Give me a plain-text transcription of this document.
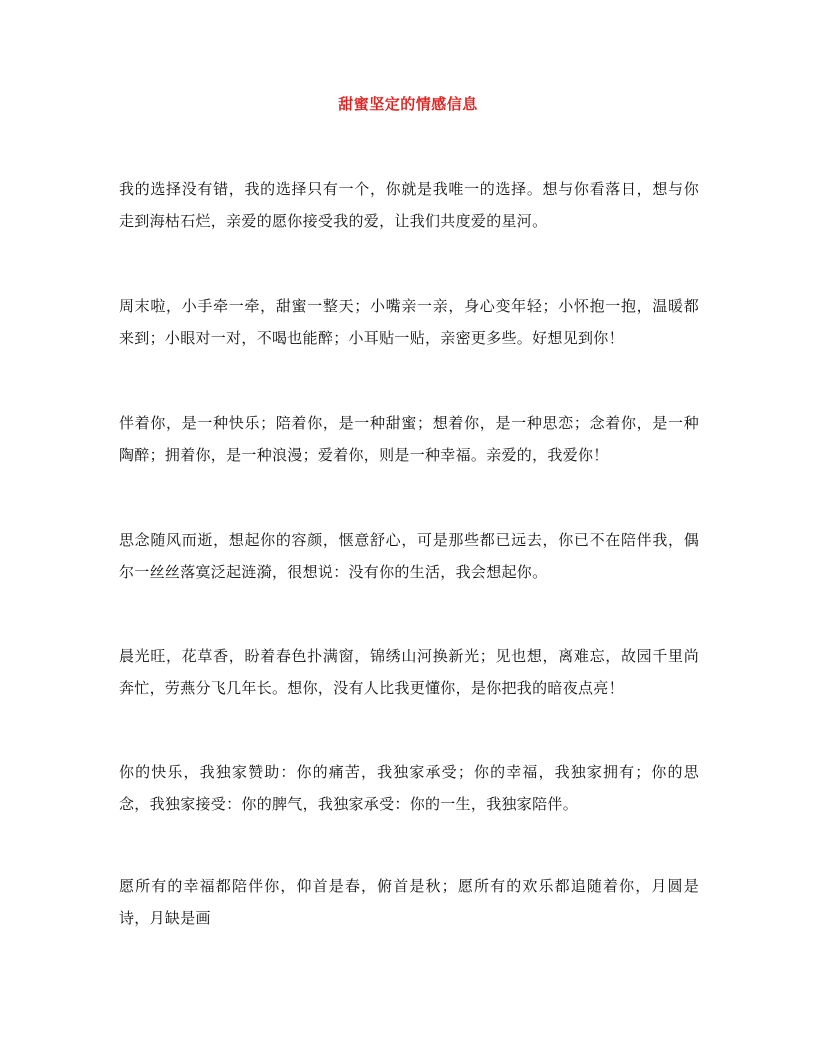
甜蜜坚定的情感信息

我的选择没有错，我的选择只有一个，你就是我唯一的选择。想与你看落日，想与你走到海枯石烂，亲爱的愿你接受我的爱，让我们共度爱的星河。

周末啦，小手牵一牵，甜蜜一整天；小嘴亲一亲，身心变年轻；小怀抱一抱，温暖都来到；小眼对一对，不喝也能醉；小耳贴一贴，亲密更多些。好想见到你！

伴着你，是一种快乐；陪着你，是一种甜蜜；想着你，是一种思恋；念着你，是一种陶醉；拥着你，是一种浪漫；爱着你，则是一种幸福。亲爱的，我爱你！

思念随风而逝，想起你的容颜，惬意舒心，可是那些都已远去，你已不在陪伴我，偶尔一丝丝落寞泛起涟漪，很想说：没有你的生活，我会想起你。

晨光旺，花草香，盼着春色扑满窗，锦绣山河换新光；见也想，离难忘，故园千里尚奔忙，劳燕分飞几年长。想你，没有人比我更懂你，是你把我的暗夜点亮！

你的快乐，我独家赞助：你的痛苦，我独家承受；你的幸福，我独家拥有；你的思念，我独家接受：你的脾气，我独家承受：你的一生，我独家陪伴。

愿所有的幸福都陪伴你，仰首是春，俯首是秋；愿所有的欢乐都追随着你，月圆是诗，月缺是画
